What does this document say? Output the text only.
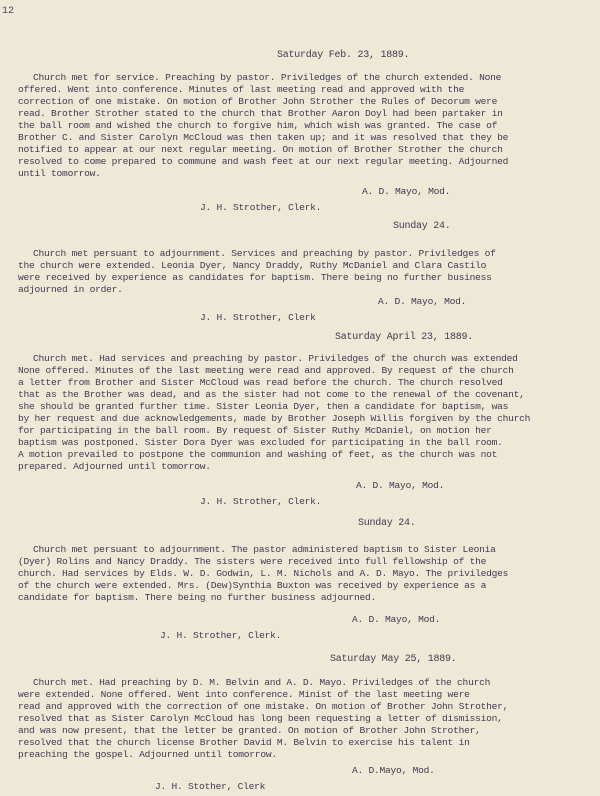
12
Saturday Feb. 23, 1889.
Church met for service. Preaching by pastor. Priviledges of the church extended. None
offered. Went into conference. Minutes of last meeting read and approved with the
correction of one mistake. On motion of Brother John Strother the Rules of Decorum were
read. Brother Strother stated to the church that Brother Aaron Doyl had been partaker in
the ball room and wished the church to forgive him, which wish was granted. The case of
Brother C. and Sister Carolyn McCloud was then taken up; and it was resolved that they be
notified to appear at our next regular meeting. On motion of Brother Strother the church
resolved to come prepared to commune and wash feet at our next regular meeting. Adjourned
until tomorrow.
A. D. Mayo, Mod.
J. H. Strother, Clerk.
Sunday 24.
Church met persuant to adjournment. Services and preaching by pastor. Priviledges of
the church were extended. Leonia Dyer, Nancy Draddy, Ruthy McDaniel and Clara Castilo
were received by experience as candidates for baptism. There being no further business
adjourned in order.
A. D. Mayo, Mod.
J. H. Strother, Clerk
Saturday April 23, 1889.
Church met. Had services and preaching by pastor. Priviledges of the church was extended
None offered. Minutes of the last meeting were read and approved. By request of the church
a letter from Brother and Sister McCloud was read before the church. The church resolved
that as the Brother was dead, and as the sister had not come to the renewal of the covenant,
she should be granted further time. Sister Leonia Dyer, then a candidate for baptism, was
by her request and due acknowledgements, made by Brother Joseph Willis forgiven by the church
for participating in the ball room. By request of Sister Ruthy McDaniel, on motion her
baptism was postponed. Sister Dora Dyer was excluded for participating in the ball room.
A motion prevailed to postpone the communion and washing of feet, as the church was not
prepared. Adjourned until tomorrow.
A. D. Mayo, Mod.
J. H. Strother, Clerk.
Sunday 24.
Church met persuant to adjournment. The pastor administered baptism to Sister Leonia
(Dyer) Rolins and Nancy Draddy. The sisters were received into full fellowship of the
church. Had services by Elds. W. D. Godwin, L. M. Nichols and A. D. Mayo. The priviledges
of the church were extended. Mrs. (Dew)Synthia Buxton was received by experience as a
candidate for baptism. There being no further business adjourned.
A. D. Mayo, Mod.
J. H. Strother, Clerk.
Saturday May 25, 1889.
Church met. Had preaching by D. M. Belvin and A. D. Mayo. Priviledges of the church
were extended. None offered. Went into conference. Minist of the last meeting were
read and approved with the correction of one mistake. On motion of Brother John Strother,
resolved that as Sister Carolyn McCloud has long been requesting a letter of dismission,
and was now present, that the letter be granted. On motion of Brother John Strother,
resolved that the church license Brother David M. Belvin to exercise his talent in
preaching the gospel. Adjourned until tomorrow.
A. D.Mayo, Mod.
J. H. Stother, Clerk
